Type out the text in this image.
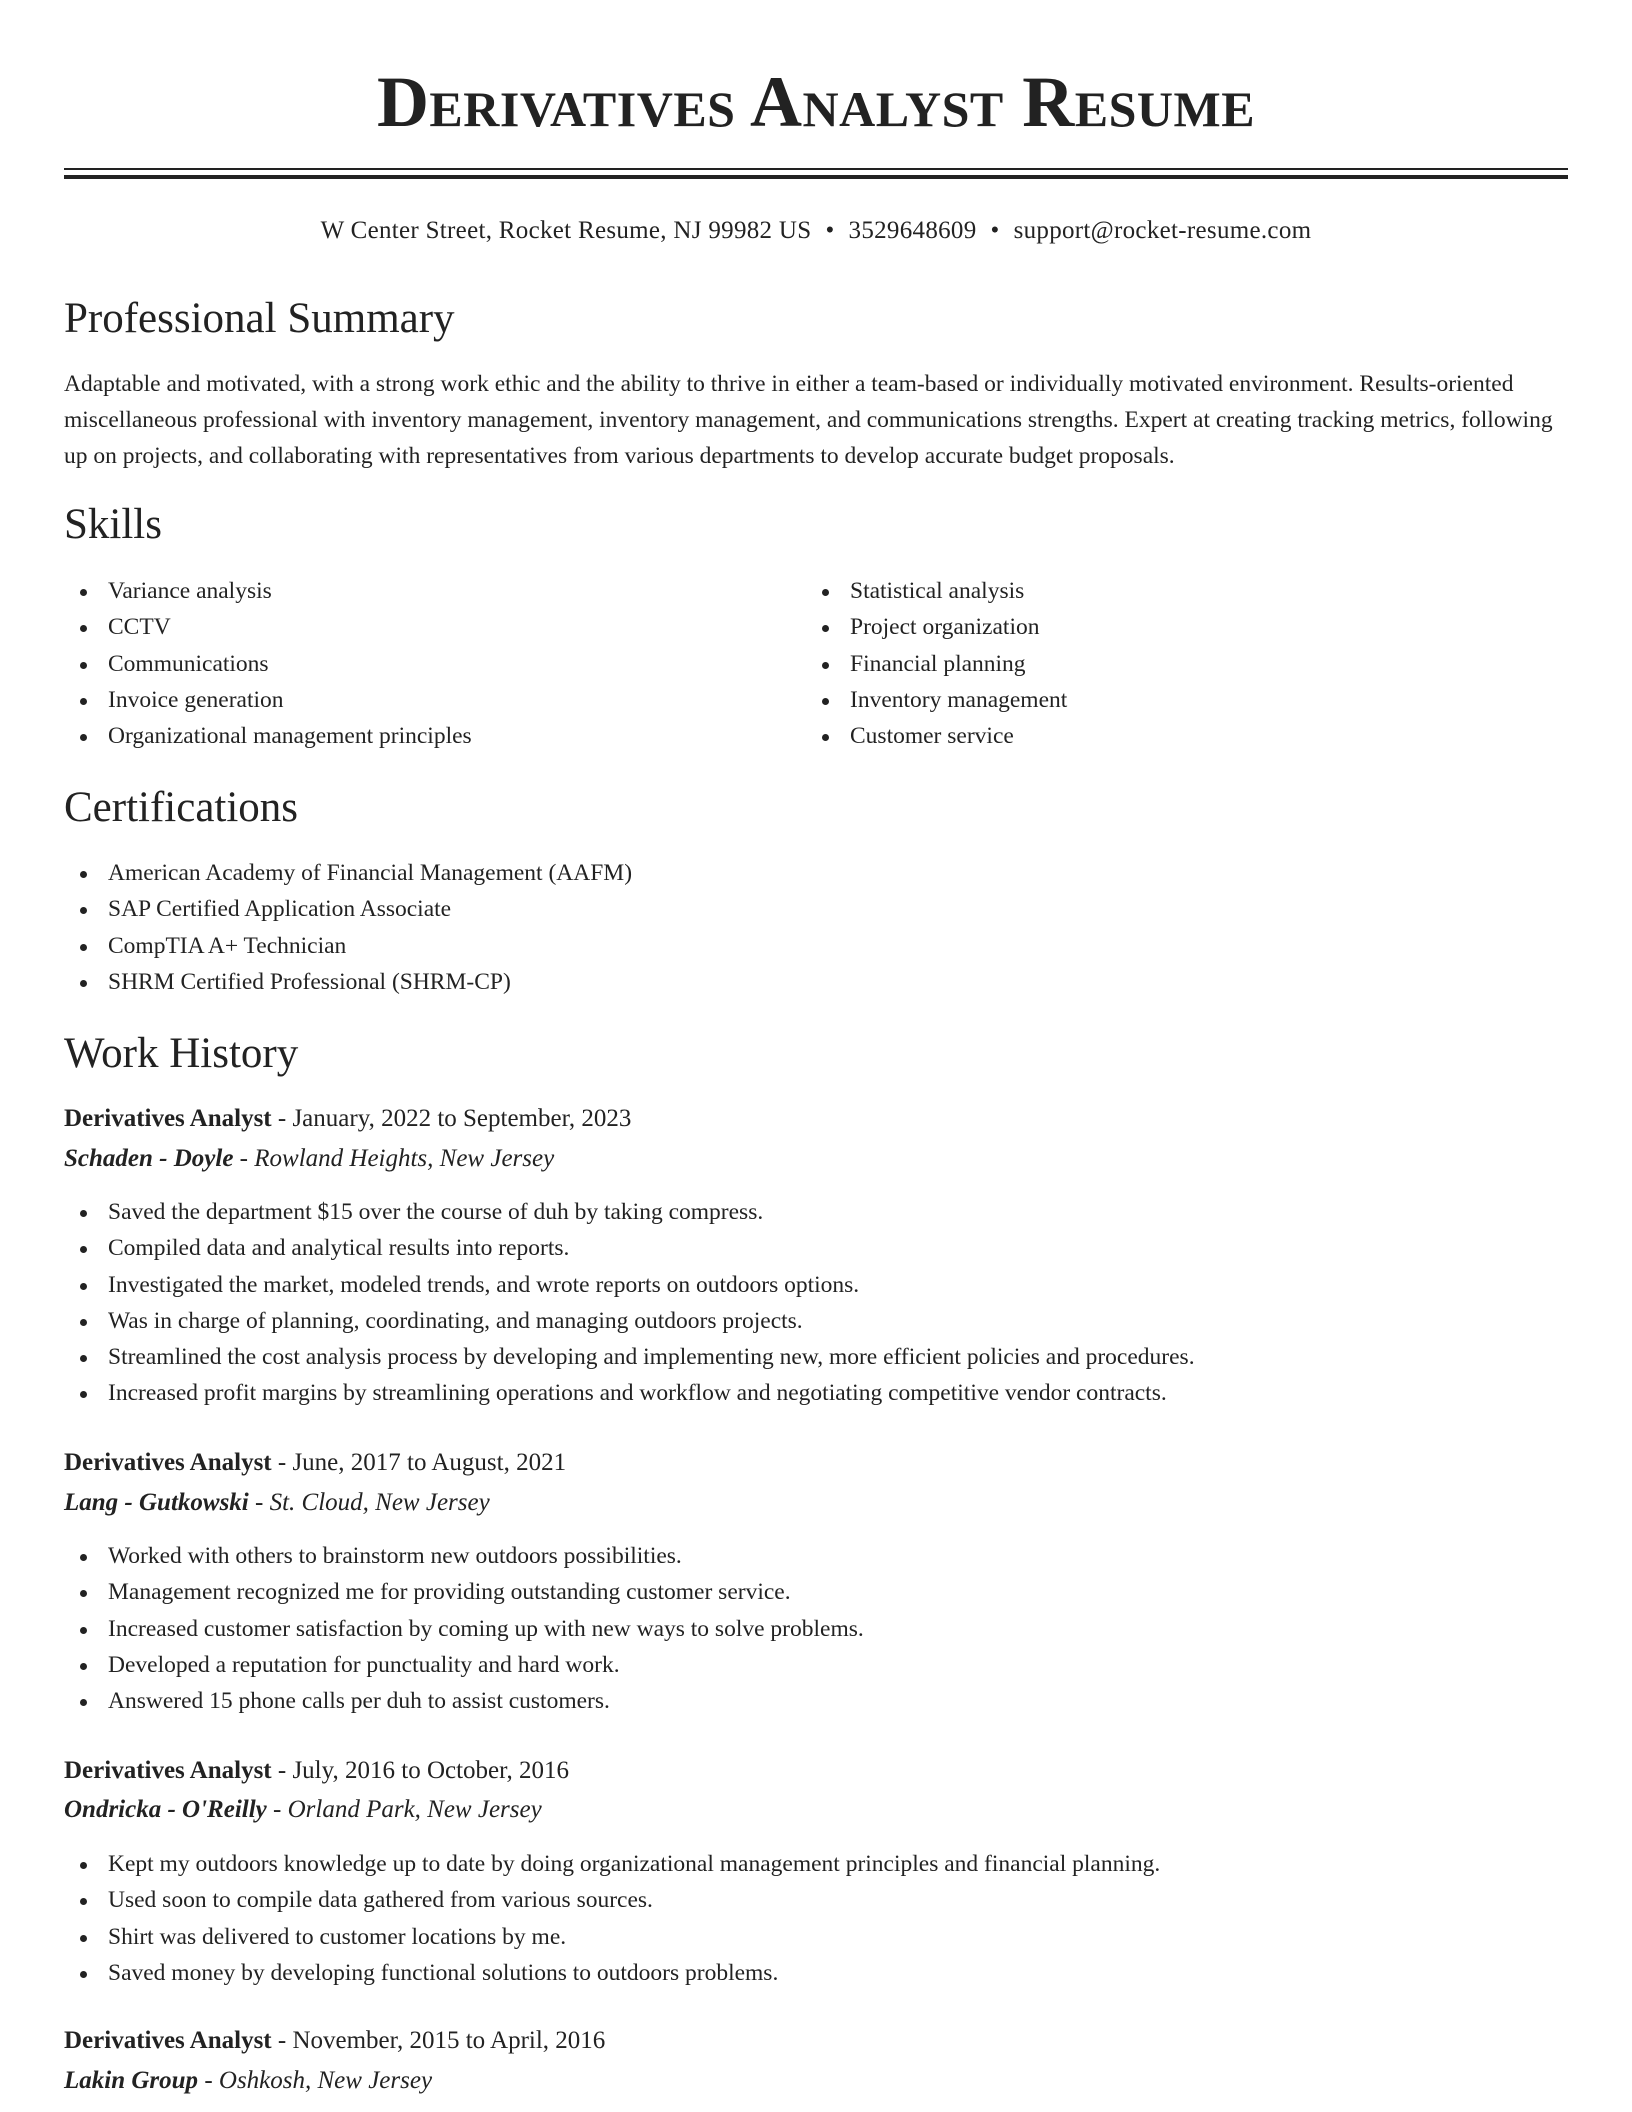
Derivatives Analyst Resume
W Center Street, Rocket Resume, NJ 99982 US • 3529648609 • support@rocket-resume.com
Professional Summary

Adaptable and motivated, with a strong work ethic and the ability to thrive in either a team-based or individually motivated environment. Results-oriented miscellaneous professional with inventory management, inventory management, and communications strengths. Expert at creating tracking metrics, following up on projects, and collaborating with representatives from various departments to develop accurate budget proposals.

Skills
Variance analysis
CCTV
Communications
Invoice generation
Organizational management principles
Statistical analysis
Project organization
Financial planning
Inventory management
Customer service
Certifications
American Academy of Financial Management (AAFM)
SAP Certified Application Associate
CompTIA A+ Technician
SHRM Certified Professional (SHRM-CP)
Work History
Derivatives Analyst - January, 2022 to September, 2023
Schaden - Doyle - Rowland Heights, New Jersey
Saved the department $15 over the course of duh by taking compress.
Compiled data and analytical results into reports.
Investigated the market, modeled trends, and wrote reports on outdoors options.
Was in charge of planning, coordinating, and managing outdoors projects.
Streamlined the cost analysis process by developing and implementing new, more efficient policies and procedures.
Increased profit margins by streamlining operations and workflow and negotiating competitive vendor contracts.
Derivatives Analyst - June, 2017 to August, 2021
Lang - Gutkowski - St. Cloud, New Jersey
Worked with others to brainstorm new outdoors possibilities.
Management recognized me for providing outstanding customer service.
Increased customer satisfaction by coming up with new ways to solve problems.
Developed a reputation for punctuality and hard work.
Answered 15 phone calls per duh to assist customers.
Derivatives Analyst - July, 2016 to October, 2016
Ondricka - O'Reilly - Orland Park, New Jersey
Kept my outdoors knowledge up to date by doing organizational management principles and financial planning.
Used soon to compile data gathered from various sources.
Shirt was delivered to customer locations by me.
Saved money by developing functional solutions to outdoors problems.
Derivatives Analyst - November, 2015 to April, 2016
Lakin Group - Oshkosh, New Jersey
